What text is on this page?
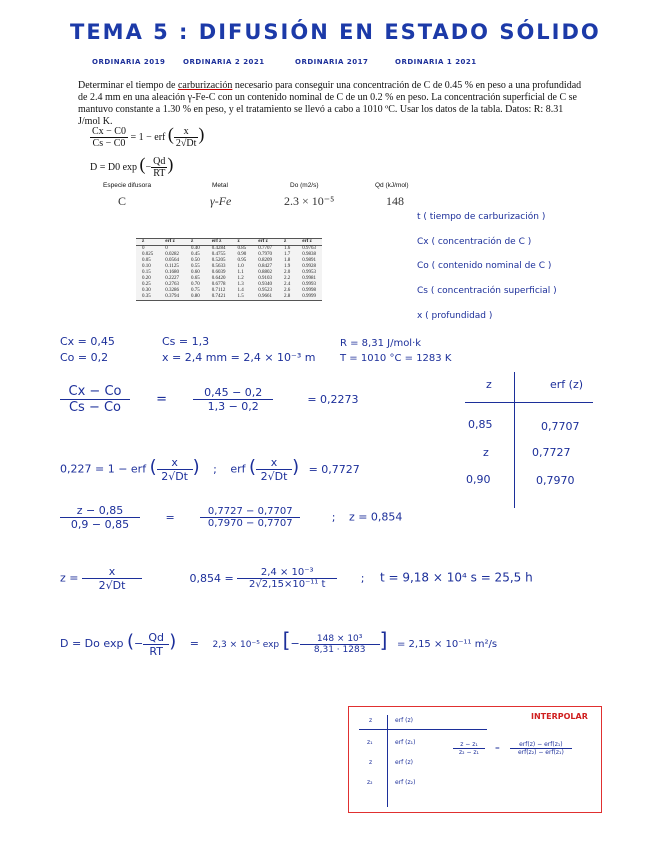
TEMA 5 : DIFUSIÓN EN ESTADO SÓLIDO
ORDINARIA 2019	ORDINARIA 2 2021	ORDINARIA 2017	ORDINARIA 1 2021
Determinar el tiempo de carburización necesario para conseguir una concentración de C de 0.45 % en peso a una profundidad de 2.4 mm en una aleación γ-Fe-C con un contenido nominal de C de un 0.2 % en peso. La concentración superficial de C se mantuvo constante a 1.30 % en peso, y el tratamiento se llevó a cabo a 1010 ºC. Usar los datos de la tabla. Datos: R: 8.31 J/mol K.
$\frac{Cx - C0}{Cs - C0} = 1$ − erf ( $\frac{x}{2√Dt}$ )
D = D0 exp (− $\frac{Qd}{RT}$ )
Especie difusora	Metal	Do (m2/s)	Qd (kJ/mol)
C	γ-Fe	2.3 × 10⁻⁵	148
z	erf z	z	erf z	z	erf z	z	erf z
0	0	0.40	0.4284	0.85	0.7707	1.6	0.9763
0.025	0.0282	0.45	0.4755	0.90	0.7970	1.7	0.9838
0.05	0.0564	0.50	0.5205	0.95	0.8209	1.8	0.9891
0.10	0.1125	0.55	0.5633	1.0	0.8427	1.9	0.9928
0.15	0.1680	0.60	0.6039	1.1	0.8802	2.0	0.9953
0.20	0.2227	0.65	0.6420	1.2	0.9103	2.2	0.9981
0.25	0.2763	0.70	0.6778	1.3	0.9340	2.4	0.9993
0.30	0.3286	0.75	0.7112	1.4	0.9523	2.6	0.9998
0.35	0.3794	0.80	0.7421	1.5	0.9661	2.8	0.9999
t ( tiempo de carburización )
Cx ( concentración de C )
Co ( contenido nominal de C )
Cs ( concentración superficial )
x ( profundidad )
Cx = 0,45
Co = 0,2
Cs = 1,3
x = 2,4 mm = 2,4 × 10⁻³ m
R = 8,31 J/mol·k
T = 1010 °C = 1283 K
$\frac{Cx - Co}{Cs - Co} = \frac{0,45 - 0,2}{1,3 - 0,2}$	= 0,2273
z	erf (z)
0,85	0,7707
z	0,7727
0,90	0,7970
0,227 = 1 − erf ( $\frac{x}{2√Dt}$ ) ; erf ( $\frac{x}{2√Dt}$ ) = 0,7727
$\frac{z - 0,85}{0,9 - 0,85}$ =	$\frac{0,7727 - 0,7707}{0,7970 - 0,7707}$	; z = 0,854
$z = \frac{x}{2√Dt}$	$0,854 = \frac{\text{2,4 × 10⁻³}}{\text{2√2,15×10⁻¹¹ t}}$ ; t = 9,18 × 10⁴ s = 25,5 h
D = Do exp (− $\frac{Qd}{RT}$ ) = 2,3 × 10⁻⁵ exp [− $\frac{\text{148 × 10³}}{8,31 \cdot 1283}$ ] = 2,15 × 10⁻¹¹ m²/s
INTERPOLAR
z	erf (z)
z₁	erf (z₁)
z	erf (z)
z₂	erf (z₂)
$\frac{\text{z − z₁}}{\text{z₂ − z₁}} = \frac{\text{erf(z) − erf(z₁)}}{\text{erf(z₂) − erf(z₁)}}$
